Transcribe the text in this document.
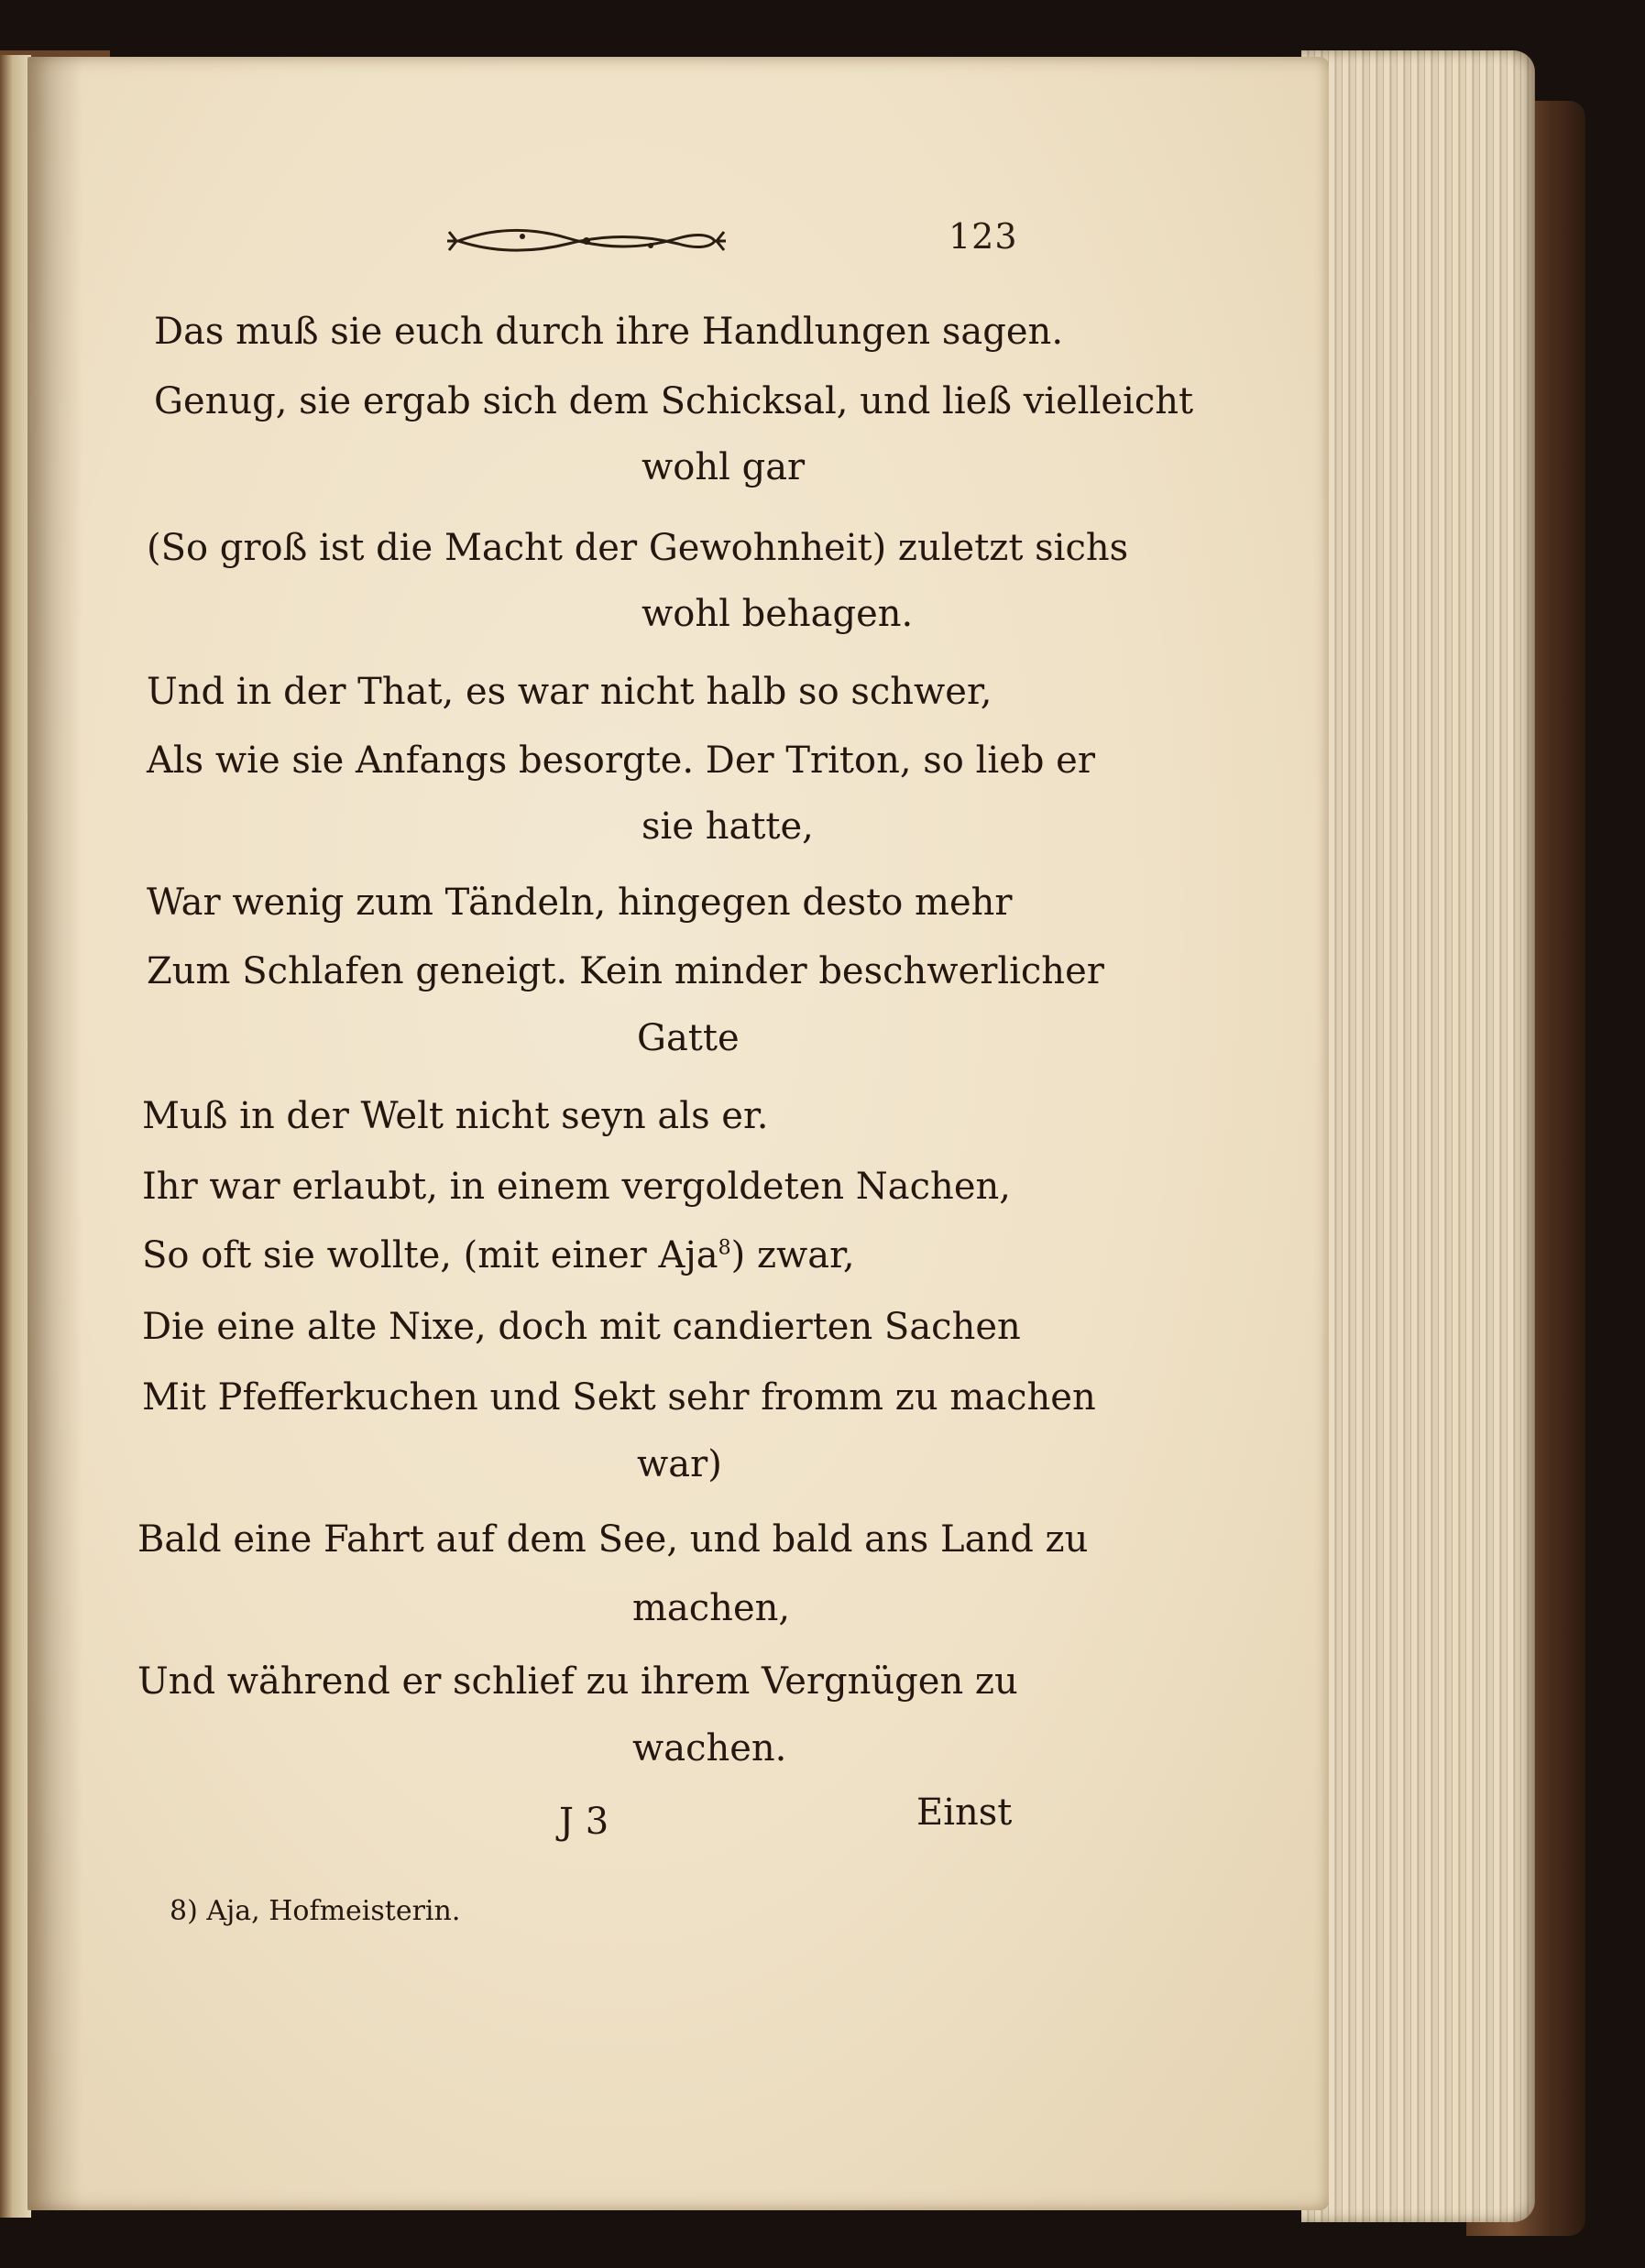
123
Das muß sie euch durch ihre Handlungen sagen.
Genug, sie ergab sich dem Schicksal, und ließ vielleicht
wohl gar
(So groß ist die Macht der Gewohnheit) zuletzt sichs
wohl behagen.
Und in der That, es war nicht halb so schwer,
Als wie sie Anfangs besorgte. Der Triton, so lieb er
sie hatte,
War wenig zum Tändeln, hingegen desto mehr
Zum Schlafen geneigt. Kein minder beschwerlicher
Gatte
Muß in der Welt nicht seyn als er.
Ihr war erlaubt, in einem vergoldeten Nachen,
So oft sie wollte, (mit einer Aja$^8$) zwar,
Die eine alte Nixe, doch mit candierten Sachen
Mit Pfefferkuchen und Sekt sehr fromm zu machen
war)
Bald eine Fahrt auf dem See, und bald ans Land zu
machen,
Und während er schlief zu ihrem Vergnügen zu
wachen.
J 3	Einst
8) Aja, Hofmeisterin.
